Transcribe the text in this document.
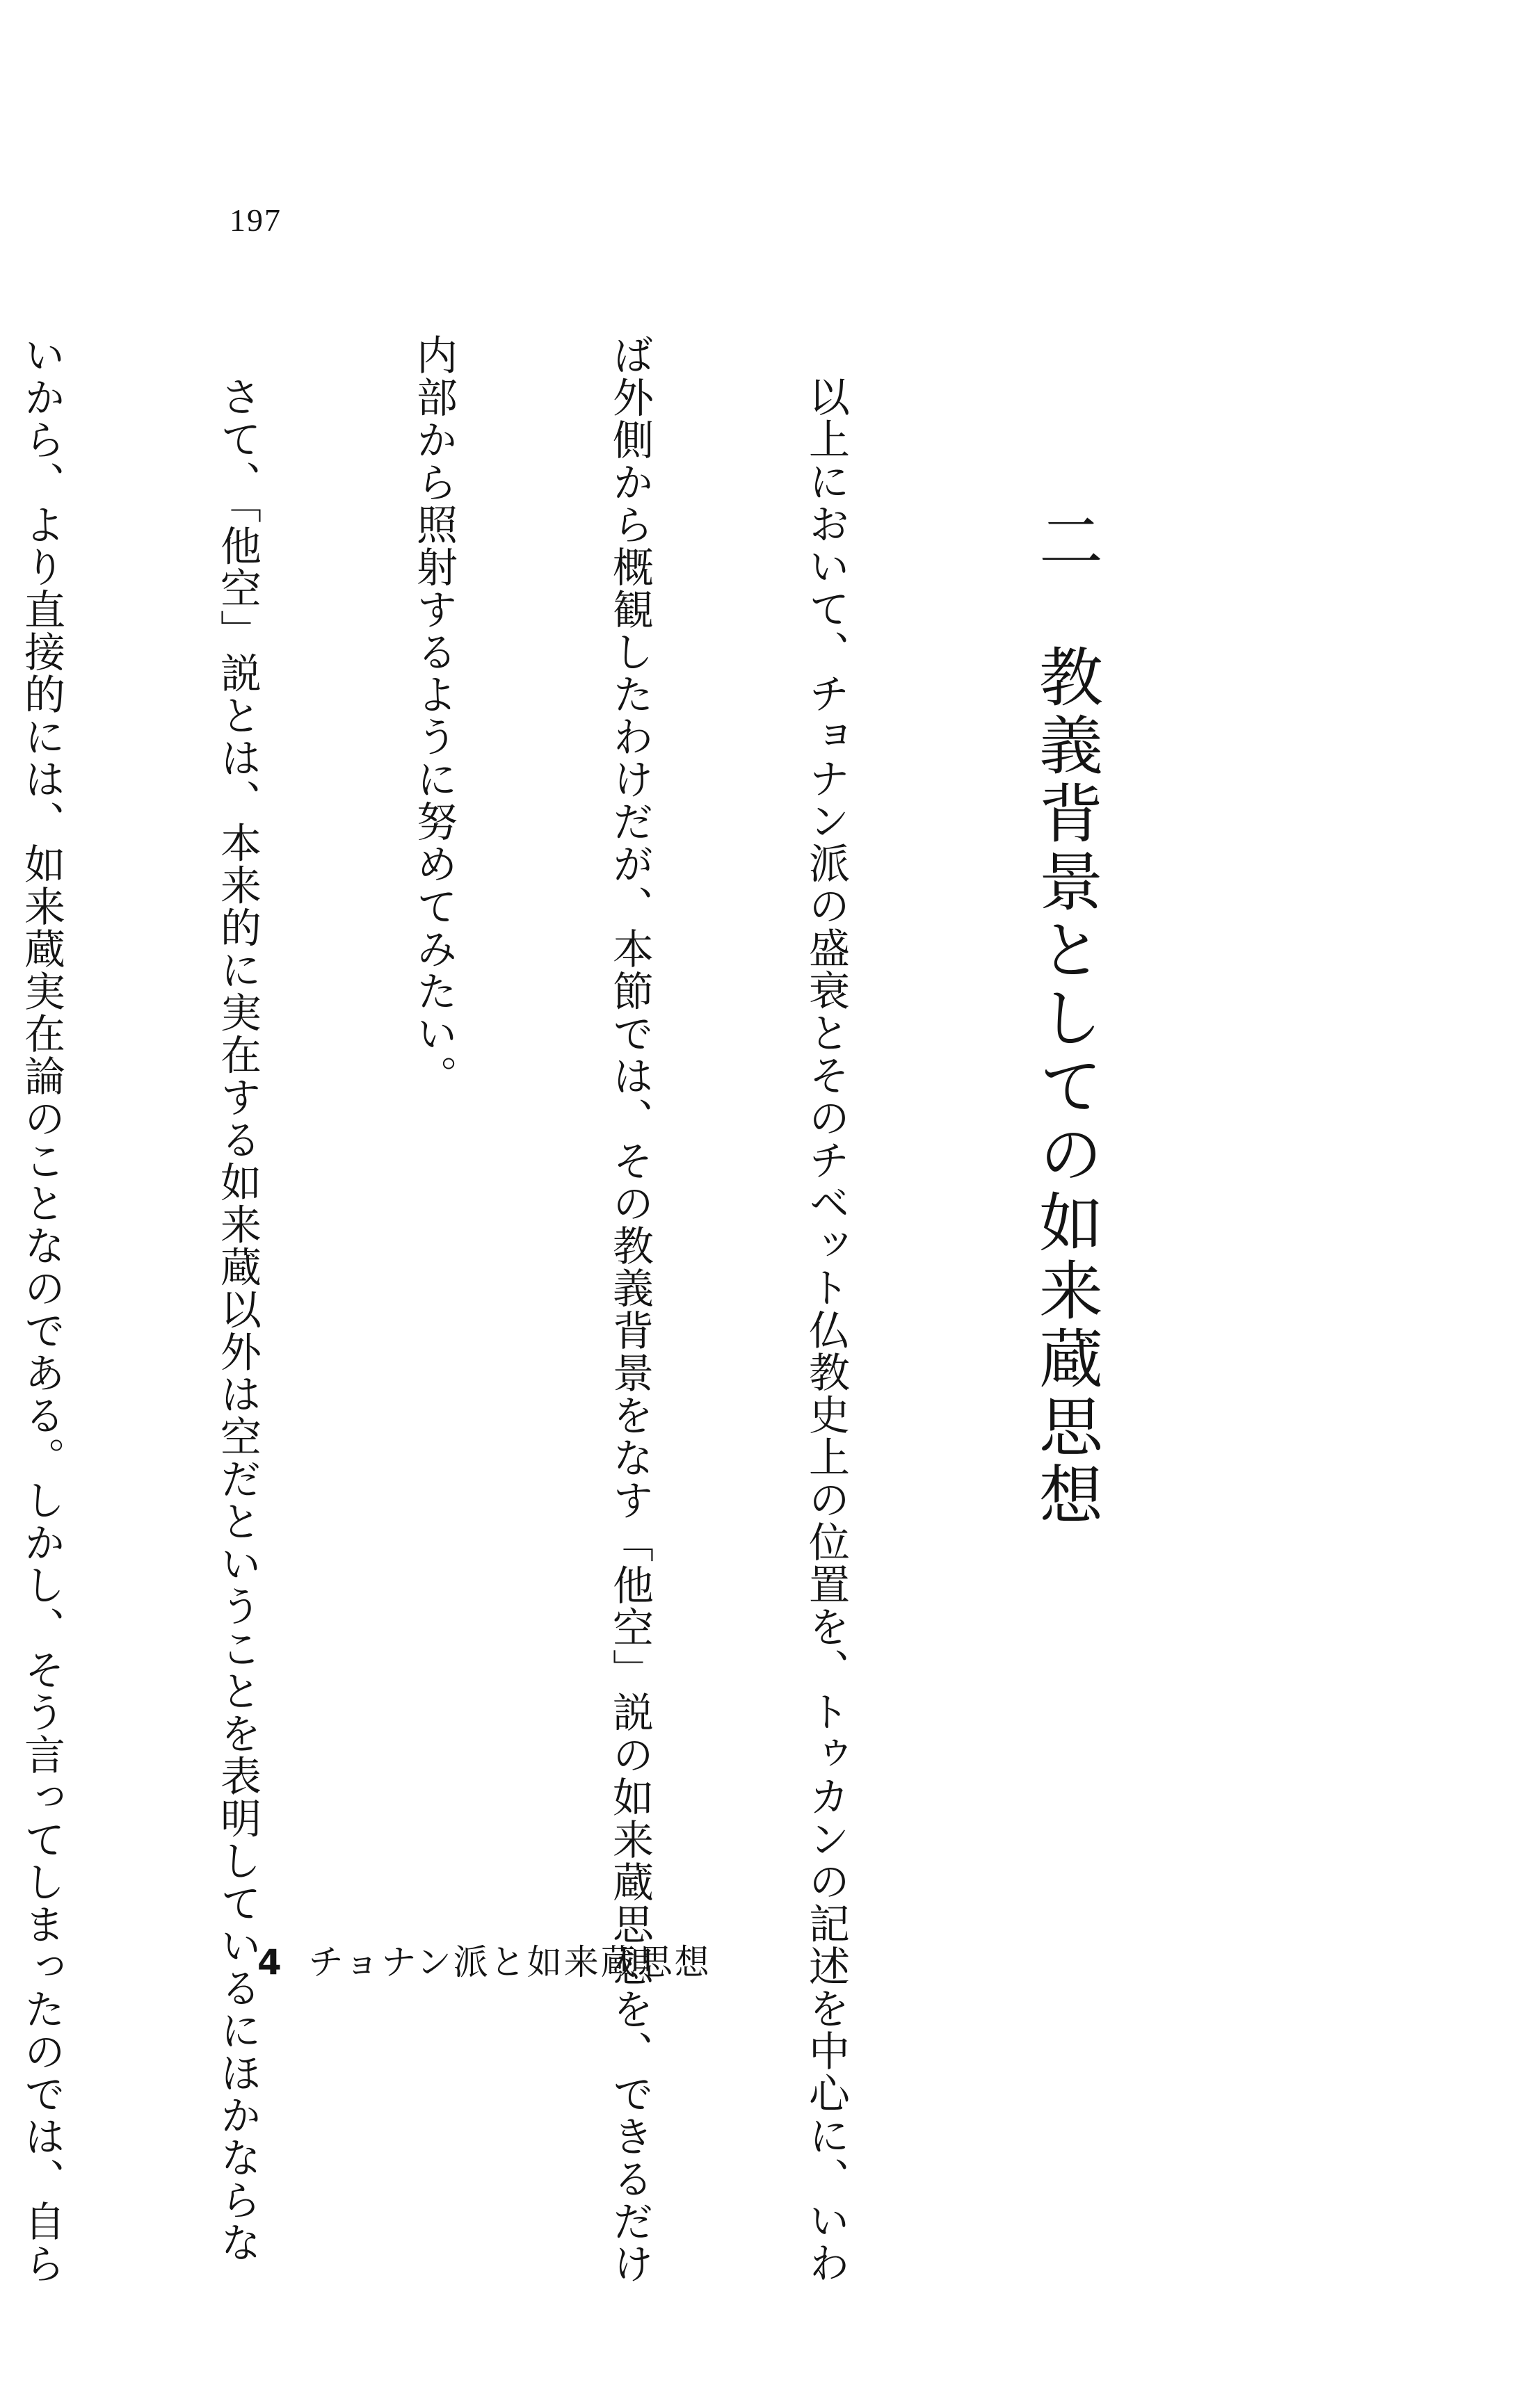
197

二　教義背景としての如来蔵思想

以上において、チョナン派の盛衰とそのチベット仏教史上の位置を、トゥカンの記述を中心に、いわ

ば外側から概観したわけだが、本節では、その教義背景をなす「他空」説の如来蔵思想を、できるだけ

内部から照射するように努めてみたい。

さて、「他空」説とは、本来的に実在する如来蔵以外は空だということを表明しているにほかならな

いから、より直接的には、如来蔵実在論のことなのである。しかし、そう言ってしまったのでは、自ら

	4 チョナン派と如来蔵思想
